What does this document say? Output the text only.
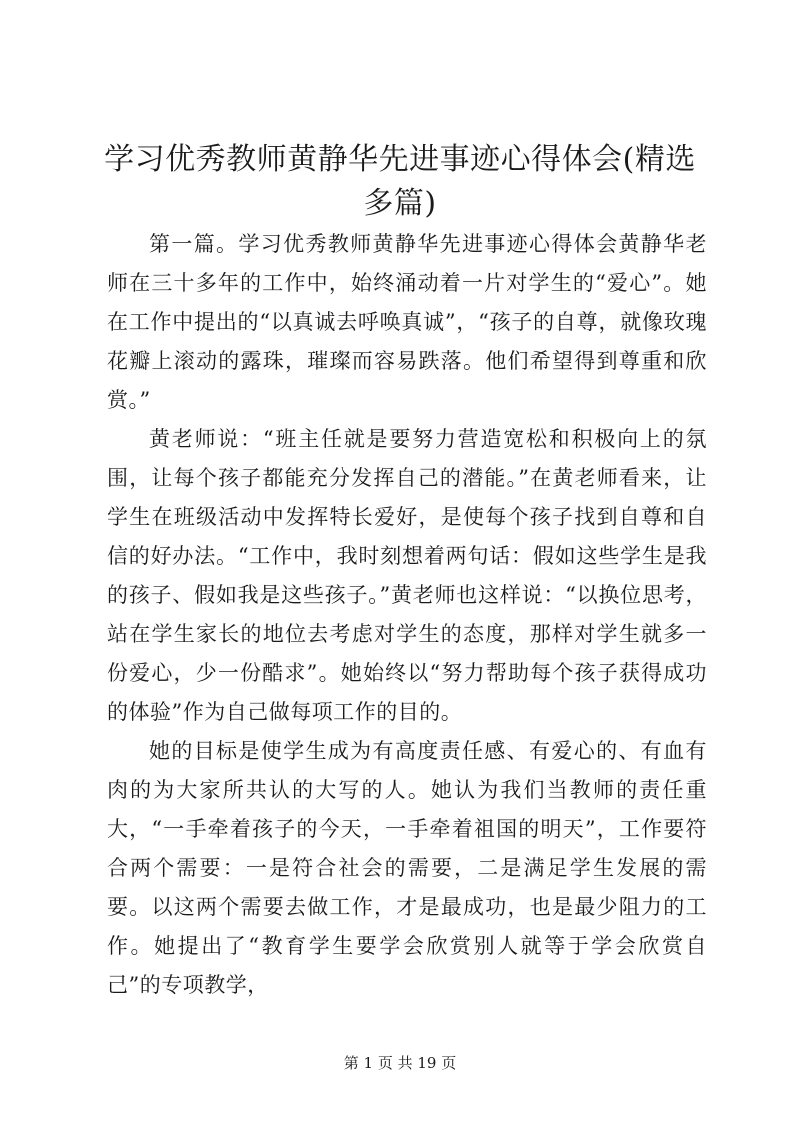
学习优秀教师黄静华先进事迹心得体会(精选多篇)

第一篇。学习优秀教师黄静华先进事迹心得体会黄静华老师在三十多年的工作中，始终涌动着一片对学生的“爱心”。她在工作中提出的“以真诚去呼唤真诚”，“孩子的自尊，就像玫瑰花瓣上滚动的露珠，璀璨而容易跌落。他们希望得到尊重和欣赏。”

黄老师说：“班主任就是要努力营造宽松和积极向上的氛围，让每个孩子都能充分发挥自己的潜能。”在黄老师看来，让学生在班级活动中发挥特长爱好，是使每个孩子找到自尊和自信的好办法。“工作中，我时刻想着两句话：假如这些学生是我的孩子、假如我是这些孩子。”黄老师也这样说：“以换位思考，站在学生家长的地位去考虑对学生的态度，那样对学生就多一份爱心，少一份酷求”。她始终以“努力帮助每个孩子获得成功的体验”作为自己做每项工作的目的。

她的目标是使学生成为有高度责任感、有爱心的、有血有肉的为大家所共认的大写的人。她认为我们当教师的责任重大，“一手牵着孩子的今天，一手牵着祖国的明天”，工作要符合两个需要：一是符合社会的需要，二是满足学生发展的需要。以这两个需要去做工作，才是最成功，也是最少阻力的工作。她提出了“教育学生要学会欣赏别人就等于学会欣赏自己”的专项教学，

第 1 页 共 19 页
